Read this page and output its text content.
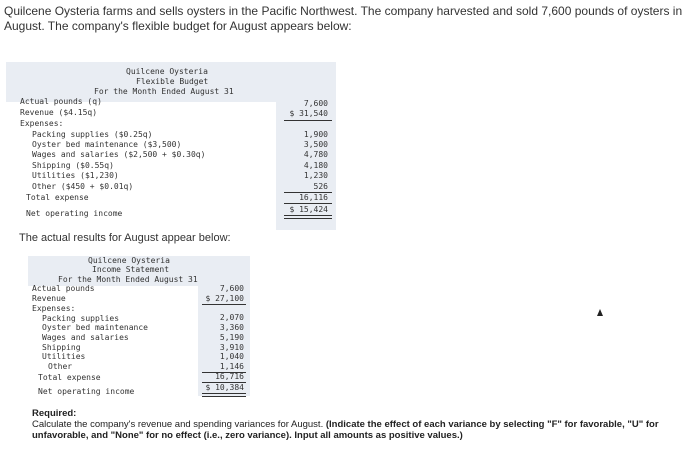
Quilcene Oysteria farms and sells oysters in the Pacific Northwest. The company harvested and sold 7,600 pounds of oysters in August. The company's flexible budget for August appears below:
Quilcene Oysteria
Flexible Budget
For the Month Ended August 31
Actual pounds (q)	7,600
Revenue ($4.15q)	$ 31,540
Expenses:
Packing supplies ($0.25q)	1,900
Oyster bed maintenance ($3,500)	3,500
Wages and salaries ($2,500 + $0.30q)	4,780
Shipping ($0.55q)	4,180
Utilities ($1,230)	1,230
Other ($450 + $0.01q)	526
Total expense	16,116
Net operating income	$ 15,424
The actual results for August appear below:
Quilcene Oysteria
Income Statement
For the Month Ended August 31
Actual pounds	7,600
Revenue	$ 27,100
Expenses:
Packing supplies	2,070
Oyster bed maintenance	3,360
Wages and salaries	5,190
Shipping	3,910
Utilities	1,040
Other	1,146
Total expense	16,716
Net operating income	$ 10,384
Required:
Calculate the company's revenue and spending variances for August. (Indicate the effect of each variance by selecting "F" for favorable, "U" for unfavorable, and "None" for no effect (i.e., zero variance). Input all amounts as positive values.)
